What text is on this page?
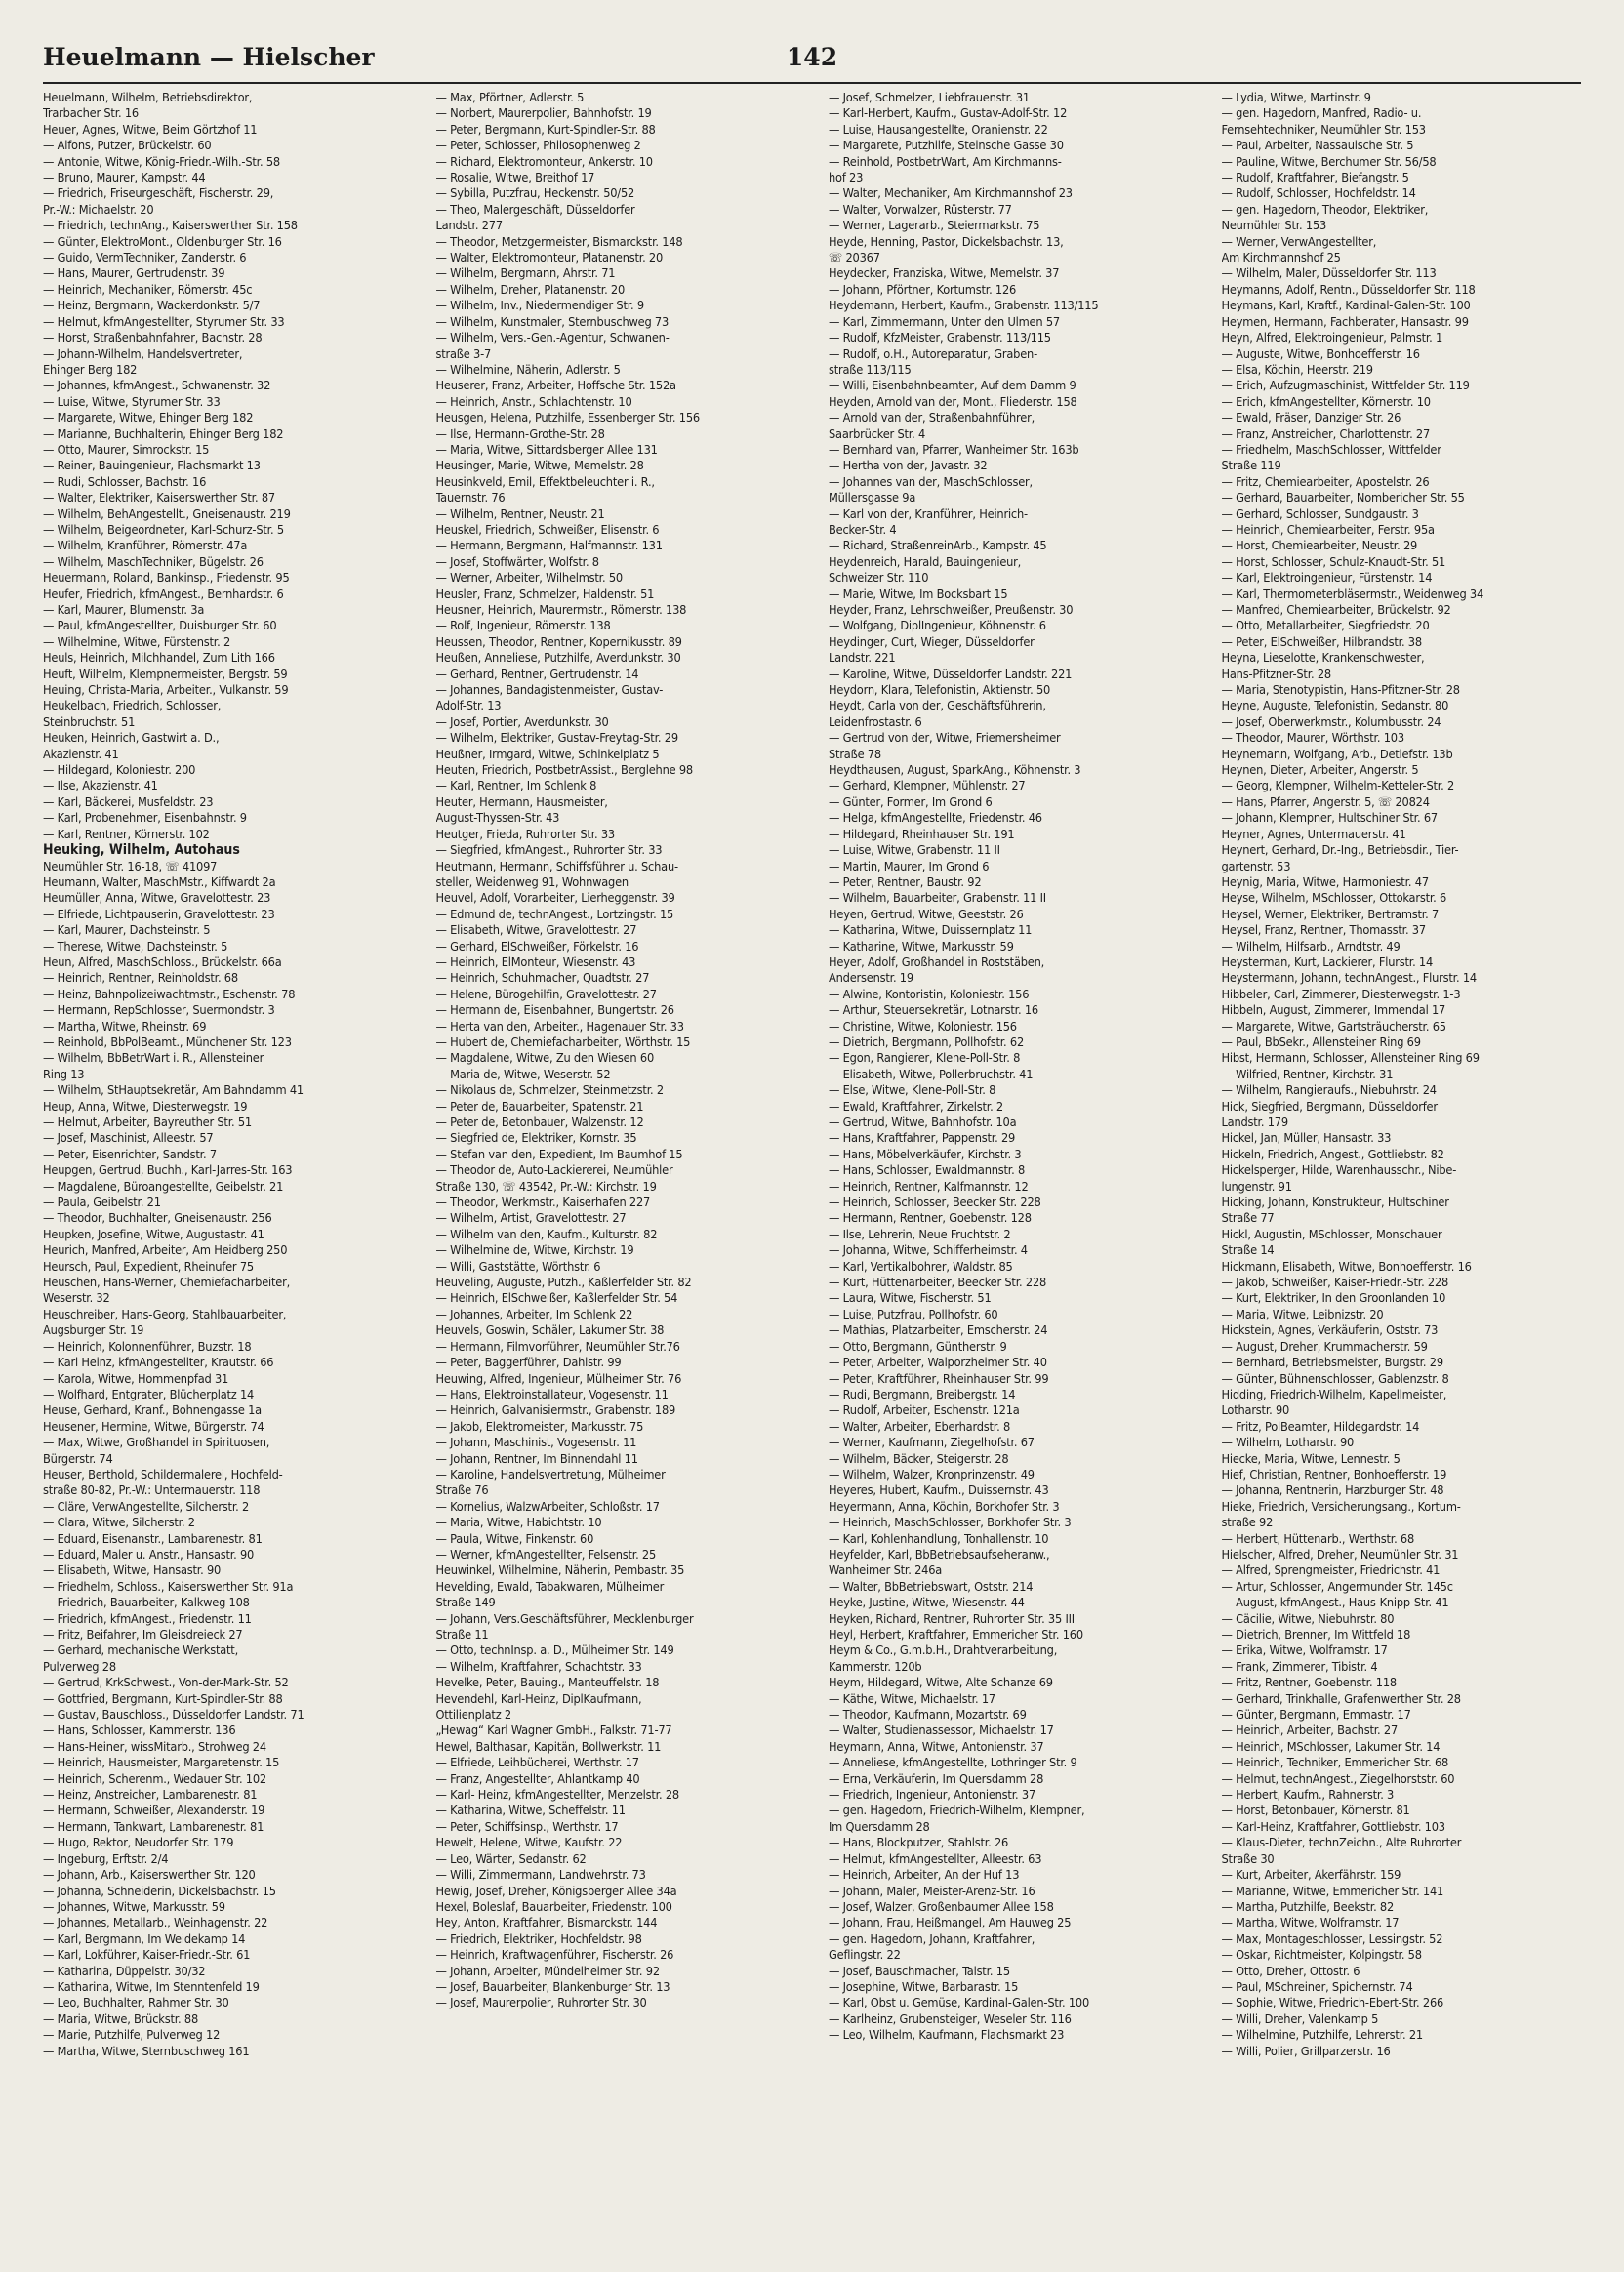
Heuelmann — Hielscher	142
Heuelmann, Wilhelm, Betriebsdirektor,
Trarbacher Str. 16
Heuer, Agnes, Witwe, Beim Görtzhof 11
— Alfons, Putzer, Brückelstr. 60
— Antonie, Witwe, König-Friedr.-Wilh.-Str. 58
— Bruno, Maurer, Kampstr. 44
— Friedrich, Friseurgeschäft, Fischerstr. 29,
Pr.-W.: Michaelstr. 20
— Friedrich, technAng., Kaiserswerther Str. 158
— Günter, ElektroMont., Oldenburger Str. 16
— Guido, VermTechniker, Zanderstr. 6
— Hans, Maurer, Gertrudenstr. 39
— Heinrich, Mechaniker, Römerstr. 45c
— Heinz, Bergmann, Wackerdonkstr. 5/7
— Helmut, kfmAngestellter, Styrumer Str. 33
— Horst, Straßenbahnfahrer, Bachstr. 28
— Johann-Wilhelm, Handelsvertreter,
Ehinger Berg 182
— Johannes, kfmAngest., Schwanenstr. 32
— Luise, Witwe, Styrumer Str. 33
— Margarete, Witwe, Ehinger Berg 182
— Marianne, Buchhalterin, Ehinger Berg 182
— Otto, Maurer, Simrockstr. 15
— Reiner, Bauingenieur, Flachsmarkt 13
— Rudi, Schlosser, Bachstr. 16
— Walter, Elektriker, Kaiserswerther Str. 87
— Wilhelm, BehAngestellt., Gneisenaustr. 219
— Wilhelm, Beigeordneter, Karl-Schurz-Str. 5
— Wilhelm, Kranführer, Römerstr. 47a
— Wilhelm, MaschTechniker, Bügelstr. 26
Heuermann, Roland, Bankinsp., Friedenstr. 95
Heufer, Friedrich, kfmAngest., Bernhardstr. 6
— Karl, Maurer, Blumenstr. 3a
— Paul, kfmAngestellter, Duisburger Str. 60
— Wilhelmine, Witwe, Fürstenstr. 2
Heuls, Heinrich, Milchhandel, Zum Lith 166
Heuft, Wilhelm, Klempnermeister, Bergstr. 59
Heuing, Christa-Maria, Arbeiter., Vulkanstr. 59
Heukelbach, Friedrich, Schlosser,
Steinbruchstr. 51
Heuken, Heinrich, Gastwirt a. D.,
Akazienstr. 41
— Hildegard, Koloniestr. 200
— Ilse, Akazienstr. 41
— Karl, Bäckerei, Musfeldstr. 23
— Karl, Probenehmer, Eisenbahnstr. 9
— Karl, Rentner, Körnerstr. 102
Heuking, Wilhelm, Autohaus
Neumühler Str. 16-18, ☏ 41097
Heumann, Walter, MaschMstr., Kiffwardt 2a
Heumüller, Anna, Witwe, Gravelottestr. 23
— Elfriede, Lichtpauserin, Gravelottestr. 23
— Karl, Maurer, Dachsteinstr. 5
— Therese, Witwe, Dachsteinstr. 5
Heun, Alfred, MaschSchloss., Brückelstr. 66a
— Heinrich, Rentner, Reinholdstr. 68
— Heinz, Bahnpolizeiwachtmstr., Eschenstr. 78
— Hermann, RepSchlosser, Suermondstr. 3
— Martha, Witwe, Rheinstr. 69
— Reinhold, BbPolBeamt., Münchener Str. 123
— Wilhelm, BbBetrWart i. R., Allensteiner
Ring 13
— Wilhelm, StHauptsekretär, Am Bahndamm 41
Heup, Anna, Witwe, Diesterwegstr. 19
— Helmut, Arbeiter, Bayreuther Str. 51
— Josef, Maschinist, Alleestr. 57
— Peter, Eisenrichter, Sandstr. 7
Heupgen, Gertrud, Buchh., Karl-Jarres-Str. 163
— Magdalene, Büroangestellte, Geibelstr. 21
— Paula, Geibelstr. 21
— Theodor, Buchhalter, Gneisenaustr. 256
Heupken, Josefine, Witwe, Augustastr. 41
Heurich, Manfred, Arbeiter, Am Heidberg 250
Heursch, Paul, Expedient, Rheinufer 75
Heuschen, Hans-Werner, Chemiefacharbeiter,
Weserstr. 32
Heuschreiber, Hans-Georg, Stahlbauarbeiter,
Augsburger Str. 19
— Heinrich, Kolonnenführer, Buzstr. 18
— Karl Heinz, kfmAngestellter, Krautstr. 66
— Karola, Witwe, Hommenpfad 31
— Wolfhard, Entgrater, Blücherplatz 14
Heuse, Gerhard, Kranf., Bohnengasse 1a
Heusener, Hermine, Witwe, Bürgerstr. 74
— Max, Witwe, Großhandel in Spirituosen,
Bürgerstr. 74
Heuser, Berthold, Schildermalerei, Hochfeld-
straße 80-82, Pr.-W.: Untermauerstr. 118
— Cläre, VerwAngestellte, Silcherstr. 2
— Clara, Witwe, Silcherstr. 2
— Eduard, Eisenanstr., Lambarenestr. 81
— Eduard, Maler u. Anstr., Hansastr. 90
— Elisabeth, Witwe, Hansastr. 90
— Friedhelm, Schloss., Kaiserswerther Str. 91a
— Friedrich, Bauarbeiter, Kalkweg 108
— Friedrich, kfmAngest., Friedenstr. 11
— Fritz, Beifahrer, Im Gleisdreieck 27
— Gerhard, mechanische Werkstatt,
Pulverweg 28
— Gertrud, KrkSchwest., Von-der-Mark-Str. 52
— Gottfried, Bergmann, Kurt-Spindler-Str. 88
— Gustav, Bauschloss., Düsseldorfer Landstr. 71
— Hans, Schlosser, Kammerstr. 136
— Hans-Heiner, wissMitarb., Strohweg 24
— Heinrich, Hausmeister, Margaretenstr. 15
— Heinrich, Scherenm., Wedauer Str. 102
— Heinz, Anstreicher, Lambarenestr. 81
— Hermann, Schweißer, Alexanderstr. 19
— Hermann, Tankwart, Lambarenestr. 81
— Hugo, Rektor, Neudorfer Str. 179
— Ingeburg, Erftstr. 2/4
— Johann, Arb., Kaiserswerther Str. 120
— Johanna, Schneiderin, Dickelsbachstr. 15
— Johannes, Witwe, Markusstr. 59
— Johannes, Metallarb., Weinhagenstr. 22
— Karl, Bergmann, Im Weidekamp 14
— Karl, Lokführer, Kaiser-Friedr.-Str. 61
— Katharina, Düppelstr. 30/32
— Katharina, Witwe, Im Stenntenfeld 19
— Leo, Buchhalter, Rahmer Str. 30
— Maria, Witwe, Brückstr. 88
— Marie, Putzhilfe, Pulverweg 12
— Martha, Witwe, Sternbuschweg 161
— Max, Pförtner, Adlerstr. 5
— Norbert, Maurerpolier, Bahnhofstr. 19
— Peter, Bergmann, Kurt-Spindler-Str. 88
— Peter, Schlosser, Philosophenweg 2
— Richard, Elektromonteur, Ankerstr. 10
— Rosalie, Witwe, Breithof 17
— Sybilla, Putzfrau, Heckenstr. 50/52
— Theo, Malergeschäft, Düsseldorfer
Landstr. 277
— Theodor, Metzgermeister, Bismarckstr. 148
— Walter, Elektromonteur, Platanenstr. 20
— Wilhelm, Bergmann, Ahrstr. 71
— Wilhelm, Dreher, Platanenstr. 20
— Wilhelm, Inv., Niedermendiger Str. 9
— Wilhelm, Kunstmaler, Sternbuschweg 73
— Wilhelm, Vers.-Gen.-Agentur, Schwanen-
straße 3-7
— Wilhelmine, Näherin, Adlerstr. 5
Heuserer, Franz, Arbeiter, Hoffsche Str. 152a
— Heinrich, Anstr., Schlachtenstr. 10
Heusgen, Helena, Putzhilfe, Essenberger Str. 156
— Ilse, Hermann-Grothe-Str. 28
— Maria, Witwe, Sittardsberger Allee 131
Heusinger, Marie, Witwe, Memelstr. 28
Heusinkveld, Emil, Effektbeleuchter i. R.,
Tauernstr. 76
— Wilhelm, Rentner, Neustr. 21
Heuskel, Friedrich, Schweißer, Elisenstr. 6
— Hermann, Bergmann, Halfmannstr. 131
— Josef, Stoffwärter, Wolfstr. 8
— Werner, Arbeiter, Wilhelmstr. 50
Heusler, Franz, Schmelzer, Haldenstr. 51
Heusner, Heinrich, Maurermstr., Römerstr. 138
— Rolf, Ingenieur, Römerstr. 138
Heussen, Theodor, Rentner, Kopernikusstr. 89
Heußen, Anneliese, Putzhilfe, Averdunkstr. 30
— Gerhard, Rentner, Gertrudenstr. 14
— Johannes, Bandagistenmeister, Gustav-
Adolf-Str. 13
— Josef, Portier, Averdunkstr. 30
— Wilhelm, Elektriker, Gustav-Freytag-Str. 29
Heußner, Irmgard, Witwe, Schinkelplatz 5
Heuten, Friedrich, PostbetrAssist., Berglehne 98
— Karl, Rentner, Im Schlenk 8
Heuter, Hermann, Hausmeister,
August-Thyssen-Str. 43
Heutger, Frieda, Ruhrorter Str. 33
— Siegfried, kfmAngest., Ruhrorter Str. 33
Heutmann, Hermann, Schiffsführer u. Schau-
steller, Weidenweg 91, Wohnwagen
Heuvel, Adolf, Vorarbeiter, Lierheggenstr. 39
— Edmund de, technAngest., Lortzingstr. 15
— Elisabeth, Witwe, Gravelottestr. 27
— Gerhard, ElSchweißer, Förkelstr. 16
— Heinrich, ElMonteur, Wiesenstr. 43
— Heinrich, Schuhmacher, Quadtstr. 27
— Helene, Bürogehilfin, Gravelottestr. 27
— Hermann de, Eisenbahner, Bungertstr. 26
— Herta van den, Arbeiter., Hagenauer Str. 33
— Hubert de, Chemiefacharbeiter, Wörthstr. 15
— Magdalene, Witwe, Zu den Wiesen 60
— Maria de, Witwe, Weserstr. 52
— Nikolaus de, Schmelzer, Steinmetzstr. 2
— Peter de, Bauarbeiter, Spatenstr. 21
— Peter de, Betonbauer, Walzenstr. 12
— Siegfried de, Elektriker, Kornstr. 35
— Stefan van den, Expedient, Im Baumhof 15
— Theodor de, Auto-Lackiererei, Neumühler
Straße 130, ☏ 43542, Pr.-W.: Kirchstr. 19
— Theodor, Werkmstr., Kaiserhafen 227
— Wilhelm, Artist, Gravelottestr. 27
— Wilhelm van den, Kaufm., Kulturstr. 82
— Wilhelmine de, Witwe, Kirchstr. 19
— Willi, Gaststätte, Wörthstr. 6
Heuveling, Auguste, Putzh., Kaßlerfelder Str. 82
— Heinrich, ElSchweißer, Kaßlerfelder Str. 54
— Johannes, Arbeiter, Im Schlenk 22
Heuvels, Goswin, Schäler, Lakumer Str. 38
— Hermann, Filmvorführer, Neumühler Str.76
— Peter, Baggerführer, Dahlstr. 99
Heuwing, Alfred, Ingenieur, Mülheimer Str. 76
— Hans, Elektroinstallateur, Vogesenstr. 11
— Heinrich, Galvanisiermstr., Grabenstr. 189
— Jakob, Elektromeister, Markusstr. 75
— Johann, Maschinist, Vogesenstr. 11
— Johann, Rentner, Im Binnendahl 11
— Karoline, Handelsvertretung, Mülheimer
Straße 76
— Kornelius, WalzwArbeiter, Schloßstr. 17
— Maria, Witwe, Habichtstr. 10
— Paula, Witwe, Finkenstr. 60
— Werner, kfmAngestellter, Felsenstr. 25
Heuwinkel, Wilhelmine, Näherin, Pembastr. 35
Hevelding, Ewald, Tabakwaren, Mülheimer
Straße 149
— Johann, Vers.Geschäftsführer, Mecklenburger
Straße 11
— Otto, technInsp. a. D., Mülheimer Str. 149
— Wilhelm, Kraftfahrer, Schachtstr. 33
Hevelke, Peter, Bauing., Manteuffelstr. 18
Hevendehl, Karl-Heinz, DiplKaufmann,
Ottilienplatz 2
„Hewag“ Karl Wagner GmbH., Falkstr. 71-77
Hewel, Balthasar, Kapitän, Bollwerkstr. 11
— Elfriede, Leihbücherei, Werthstr. 17
— Franz, Angestellter, Ahlantkamp 40
— Karl- Heinz, kfmAngestellter, Menzelstr. 28
— Katharina, Witwe, Scheffelstr. 11
— Peter, Schiffsinsp., Werthstr. 17
Hewelt, Helene, Witwe, Kaufstr. 22
— Leo, Wärter, Sedanstr. 62
— Willi, Zimmermann, Landwehrstr. 73
Hewig, Josef, Dreher, Königsberger Allee 34a
Hexel, Boleslaf, Bauarbeiter, Friedenstr. 100
Hey, Anton, Kraftfahrer, Bismarckstr. 144
— Friedrich, Elektriker, Hochfeldstr. 98
— Heinrich, Kraftwagenführer, Fischerstr. 26
— Johann, Arbeiter, Mündelheimer Str. 92
— Josef, Bauarbeiter, Blankenburger Str. 13
— Josef, Maurerpolier, Ruhrorter Str. 30
— Josef, Schmelzer, Liebfrauenstr. 31
— Karl-Herbert, Kaufm., Gustav-Adolf-Str. 12
— Luise, Hausangestellte, Oranienstr. 22
— Margarete, Putzhilfe, Steinsche Gasse 30
— Reinhold, PostbetrWart, Am Kirchmanns-
hof 23
— Walter, Mechaniker, Am Kirchmannshof 23
— Walter, Vorwalzer, Rüsterstr. 77
— Werner, Lagerarb., Steiermarkstr. 75
Heyde, Henning, Pastor, Dickelsbachstr. 13,
☏ 20367
Heydecker, Franziska, Witwe, Memelstr. 37
— Johann, Pförtner, Kortumstr. 126
Heydemann, Herbert, Kaufm., Grabenstr. 113/115
— Karl, Zimmermann, Unter den Ulmen 57
— Rudolf, KfzMeister, Grabenstr. 113/115
— Rudolf, o.H., Autoreparatur, Graben-
straße 113/115
— Willi, Eisenbahnbeamter, Auf dem Damm 9
Heyden, Arnold van der, Mont., Fliederstr. 158
— Arnold van der, Straßenbahnführer,
Saarbrücker Str. 4
— Bernhard van, Pfarrer, Wanheimer Str. 163b
— Hertha von der, Javastr. 32
— Johannes van der, MaschSchlosser,
Müllersgasse 9a
— Karl von der, Kranführer, Heinrich-
Becker-Str. 4
— Richard, StraßenreinArb., Kampstr. 45
Heydenreich, Harald, Bauingenieur,
Schweizer Str. 110
— Marie, Witwe, Im Bocksbart 15
Heyder, Franz, Lehrschweißer, Preußenstr. 30
— Wolfgang, DiplIngenieur, Köhnenstr. 6
Heydinger, Curt, Wieger, Düsseldorfer
Landstr. 221
— Karoline, Witwe, Düsseldorfer Landstr. 221
Heydorn, Klara, Telefonistin, Aktienstr. 50
Heydt, Carla von der, Geschäftsführerin,
Leidenfrostastr. 6
— Gertrud von der, Witwe, Friemersheimer
Straße 78
Heydthausen, August, SparkAng., Köhnenstr. 3
— Gerhard, Klempner, Mühlenstr. 27
— Günter, Former, Im Grond 6
— Helga, kfmAngestellte, Friedenstr. 46
— Hildegard, Rheinhauser Str. 191
— Luise, Witwe, Grabenstr. 11 II
— Martin, Maurer, Im Grond 6
— Peter, Rentner, Baustr. 92
— Wilhelm, Bauarbeiter, Grabenstr. 11 II
Heyen, Gertrud, Witwe, Geeststr. 26
— Katharina, Witwe, Duissernplatz 11
— Katharine, Witwe, Markusstr. 59
Heyer, Adolf, Großhandel in Roststäben,
Andersenstr. 19
— Alwine, Kontoristin, Koloniestr. 156
— Arthur, Steuersekretär, Lotnarstr. 16
— Christine, Witwe, Koloniestr. 156
— Dietrich, Bergmann, Pollhofstr. 62
— Egon, Rangierer, Klene-Poll-Str. 8
— Elisabeth, Witwe, Pollerbruchstr. 41
— Else, Witwe, Klene-Poll-Str. 8
— Ewald, Kraftfahrer, Zirkelstr. 2
— Gertrud, Witwe, Bahnhofstr. 10a
— Hans, Kraftfahrer, Pappenstr. 29
— Hans, Möbelverkäufer, Kirchstr. 3
— Hans, Schlosser, Ewaldmannstr. 8
— Heinrich, Rentner, Kalfmannstr. 12
— Heinrich, Schlosser, Beecker Str. 228
— Hermann, Rentner, Goebenstr. 128
— Ilse, Lehrerin, Neue Fruchtstr. 2
— Johanna, Witwe, Schifferheimstr. 4
— Karl, Vertikalbohrer, Waldstr. 85
— Kurt, Hüttenarbeiter, Beecker Str. 228
— Laura, Witwe, Fischerstr. 51
— Luise, Putzfrau, Pollhofstr. 60
— Mathias, Platzarbeiter, Emscherstr. 24
— Otto, Bergmann, Güntherstr. 9
— Peter, Arbeiter, Walporzheimer Str. 40
— Peter, Kraftführer, Rheinhauser Str. 99
— Rudi, Bergmann, Breibergstr. 14
— Rudolf, Arbeiter, Eschenstr. 121a
— Walter, Arbeiter, Eberhardstr. 8
— Werner, Kaufmann, Ziegelhofstr. 67
— Wilhelm, Bäcker, Steigerstr. 28
— Wilhelm, Walzer, Kronprinzenstr. 49
Heyeres, Hubert, Kaufm., Duissernstr. 43
Heyermann, Anna, Köchin, Borkhofer Str. 3
— Heinrich, MaschSchlosser, Borkhofer Str. 3
— Karl, Kohlenhandlung, Tonhallenstr. 10
Heyfelder, Karl, BbBetriebsaufseheranw.,
Wanheimer Str. 246a
— Walter, BbBetriebswart, Oststr. 214
Heyke, Justine, Witwe, Wiesenstr. 44
Heyken, Richard, Rentner, Ruhrorter Str. 35 III
Heyl, Herbert, Kraftfahrer, Emmericher Str. 160
Heym & Co., G.m.b.H., Drahtverarbeitung,
Kammerstr. 120b
Heym, Hildegard, Witwe, Alte Schanze 69
— Käthe, Witwe, Michaelstr. 17
— Theodor, Kaufmann, Mozartstr. 69
— Walter, Studienassessor, Michaelstr. 17
Heymann, Anna, Witwe, Antonienstr. 37
— Anneliese, kfmAngestellte, Lothringer Str. 9
— Erna, Verkäuferin, Im Quersdamm 28
— Friedrich, Ingenieur, Antonienstr. 37
— gen. Hagedorn, Friedrich-Wilhelm, Klempner,
Im Quersdamm 28
— Hans, Blockputzer, Stahlstr. 26
— Helmut, kfmAngestellter, Alleestr. 63
— Heinrich, Arbeiter, An der Huf 13
— Johann, Maler, Meister-Arenz-Str. 16
— Josef, Walzer, Großenbaumer Allee 158
— Johann, Frau, Heißmangel, Am Hauweg 25
— gen. Hagedorn, Johann, Kraftfahrer,
Geflingstr. 22
— Josef, Bauschmacher, Talstr. 15
— Josephine, Witwe, Barbarastr. 15
— Karl, Obst u. Gemüse, Kardinal-Galen-Str. 100
— Karlheinz, Grubensteiger, Weseler Str. 116
— Leo, Wilhelm, Kaufmann, Flachsmarkt 23
— Lydia, Witwe, Martinstr. 9
— gen. Hagedorn, Manfred, Radio- u.
Fernsehtechniker, Neumühler Str. 153
— Paul, Arbeiter, Nassauische Str. 5
— Pauline, Witwe, Berchumer Str. 56/58
— Rudolf, Kraftfahrer, Biefangstr. 5
— Rudolf, Schlosser, Hochfeldstr. 14
— gen. Hagedorn, Theodor, Elektriker,
Neumühler Str. 153
— Werner, VerwAngestellter,
Am Kirchmannshof 25
— Wilhelm, Maler, Düsseldorfer Str. 113
Heymanns, Adolf, Rentn., Düsseldorfer Str. 118
Heymans, Karl, Kraftf., Kardinal-Galen-Str. 100
Heymen, Hermann, Fachberater, Hansastr. 99
Heyn, Alfred, Elektroingenieur, Palmstr. 1
— Auguste, Witwe, Bonhoefferstr. 16
— Elsa, Köchin, Heerstr. 219
— Erich, Aufzugmaschinist, Wittfelder Str. 119
— Erich, kfmAngestellter, Körnerstr. 10
— Ewald, Fräser, Danziger Str. 26
— Franz, Anstreicher, Charlottenstr. 27
— Friedhelm, MaschSchlosser, Wittfelder
Straße 119
— Fritz, Chemiearbeiter, Apostelstr. 26
— Gerhard, Bauarbeiter, Nombericher Str. 55
— Gerhard, Schlosser, Sundgaustr. 3
— Heinrich, Chemiearbeiter, Ferstr. 95a
— Horst, Chemiearbeiter, Neustr. 29
— Horst, Schlosser, Schulz-Knaudt-Str. 51
— Karl, Elektroingenieur, Fürstenstr. 14
— Karl, Thermometerbläsermstr., Weidenweg 34
— Manfred, Chemiearbeiter, Brückelstr. 92
— Otto, Metallarbeiter, Siegfriedstr. 20
— Peter, ElSchweißer, Hilbrandstr. 38
Heyna, Lieselotte, Krankenschwester,
Hans-Pfitzner-Str. 28
— Maria, Stenotypistin, Hans-Pfitzner-Str. 28
Heyne, Auguste, Telefonistin, Sedanstr. 80
— Josef, Oberwerkmstr., Kolumbusstr. 24
— Theodor, Maurer, Wörthstr. 103
Heynemann, Wolfgang, Arb., Detlefstr. 13b
Heynen, Dieter, Arbeiter, Angerstr. 5
— Georg, Klempner, Wilhelm-Ketteler-Str. 2
— Hans, Pfarrer, Angerstr. 5, ☏ 20824
— Johann, Klempner, Hultschiner Str. 67
Heyner, Agnes, Untermauerstr. 41
Heynert, Gerhard, Dr.-Ing., Betriebsdir., Tier-
gartenstr. 53
Heynig, Maria, Witwe, Harmoniestr. 47
Heyse, Wilhelm, MSchlosser, Ottokarstr. 6
Heysel, Werner, Elektriker, Bertramstr. 7
Heysel, Franz, Rentner, Thomasstr. 37
— Wilhelm, Hilfsarb., Arndtstr. 49
Heysterman, Kurt, Lackierer, Flurstr. 14
Heystermann, Johann, technAngest., Flurstr. 14
Hibbeler, Carl, Zimmerer, Diesterwegstr. 1-3
Hibbeln, August, Zimmerer, Immendal 17
— Margarete, Witwe, Gartsträucherstr. 65
— Paul, BbSekr., Allensteiner Ring 69
Hibst, Hermann, Schlosser, Allensteiner Ring 69
— Wilfried, Rentner, Kirchstr. 31
— Wilhelm, Rangieraufs., Niebuhrstr. 24
Hick, Siegfried, Bergmann, Düsseldorfer
Landstr. 179
Hickel, Jan, Müller, Hansastr. 33
Hickeln, Friedrich, Angest., Gottliebstr. 82
Hickelsperger, Hilde, Warenhausschr., Nibe-
lungenstr. 91
Hicking, Johann, Konstrukteur, Hultschiner
Straße 77
Hickl, Augustin, MSchlosser, Monschauer
Straße 14
Hickmann, Elisabeth, Witwe, Bonhoefferstr. 16
— Jakob, Schweißer, Kaiser-Friedr.-Str. 228
— Kurt, Elektriker, In den Groonlanden 10
— Maria, Witwe, Leibnizstr. 20
Hickstein, Agnes, Verkäuferin, Oststr. 73
— August, Dreher, Krummacherstr. 59
— Bernhard, Betriebsmeister, Burgstr. 29
— Günter, Bühnenschlosser, Gablenzstr. 8
Hidding, Friedrich-Wilhelm, Kapellmeister,
Lotharstr. 90
— Fritz, PolBeamter, Hildegardstr. 14
— Wilhelm, Lotharstr. 90
Hiecke, Maria, Witwe, Lennestr. 5
Hief, Christian, Rentner, Bonhoefferstr. 19
— Johanna, Rentnerin, Harzburger Str. 48
Hieke, Friedrich, Versicherungsang., Kortum-
straße 92
— Herbert, Hüttenarb., Werthstr. 68
Hielscher, Alfred, Dreher, Neumühler Str. 31
— Alfred, Sprengmeister, Friedrichstr. 41
— Artur, Schlosser, Angermunder Str. 145c
— August, kfmAngest., Haus-Knipp-Str. 41
— Cäcilie, Witwe, Niebuhrstr. 80
— Dietrich, Brenner, Im Wittfeld 18
— Erika, Witwe, Wolframstr. 17
— Frank, Zimmerer, Tibistr. 4
— Fritz, Rentner, Goebenstr. 118
— Gerhard, Trinkhalle, Grafenwerther Str. 28
— Günter, Bergmann, Emmastr. 17
— Heinrich, Arbeiter, Bachstr. 27
— Heinrich, MSchlosser, Lakumer Str. 14
— Heinrich, Techniker, Emmericher Str. 68
— Helmut, technAngest., Ziegelhorststr. 60
— Herbert, Kaufm., Rahnerstr. 3
— Horst, Betonbauer, Körnerstr. 81
— Karl-Heinz, Kraftfahrer, Gottliebstr. 103
— Klaus-Dieter, technZeichn., Alte Ruhrorter
Straße 30
— Kurt, Arbeiter, Akerfährstr. 159
— Marianne, Witwe, Emmericher Str. 141
— Martha, Putzhilfe, Beekstr. 82
— Martha, Witwe, Wolframstr. 17
— Max, Montageschlosser, Lessingstr. 52
— Oskar, Richtmeister, Kolpingstr. 58
— Otto, Dreher, Ottostr. 6
— Paul, MSchreiner, Spichernstr. 74
— Sophie, Witwe, Friedrich-Ebert-Str. 266
— Willi, Dreher, Valenkamp 5
— Wilhelmine, Putzhilfe, Lehrerstr. 21
— Willi, Polier, Grillparzerstr. 16
